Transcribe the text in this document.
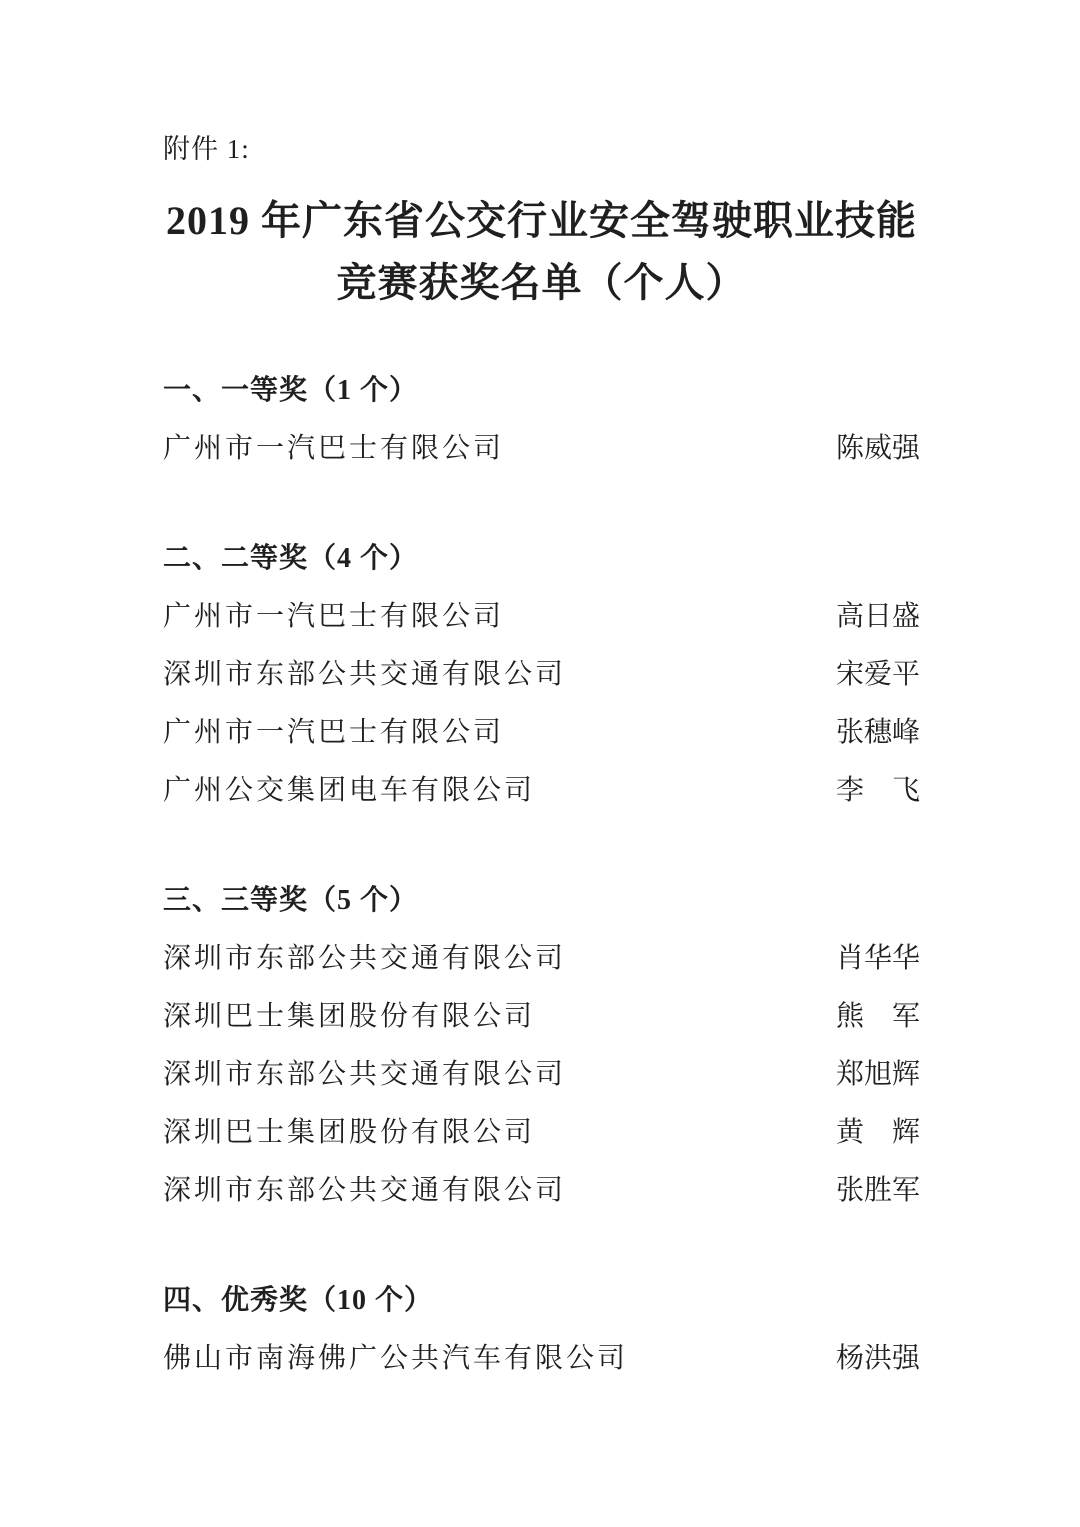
附件 1:
2019 年广东省公交行业安全驾驶职业技能
竞赛获奖名单（个人）
一、一等奖（1 个）
广州市一汽巴士有限公司	陈威强
二、二等奖（4 个）
广州市一汽巴士有限公司	高日盛
深圳市东部公共交通有限公司	宋爱平
广州市一汽巴士有限公司	张穗峰
广州公交集团电车有限公司	李　飞
三、三等奖（5 个）
深圳市东部公共交通有限公司	肖华华
深圳巴士集团股份有限公司	熊　军
深圳市东部公共交通有限公司	郑旭辉
深圳巴士集团股份有限公司	黄　辉
深圳市东部公共交通有限公司	张胜军
四、优秀奖（10 个）
佛山市南海佛广公共汽车有限公司	杨洪强
